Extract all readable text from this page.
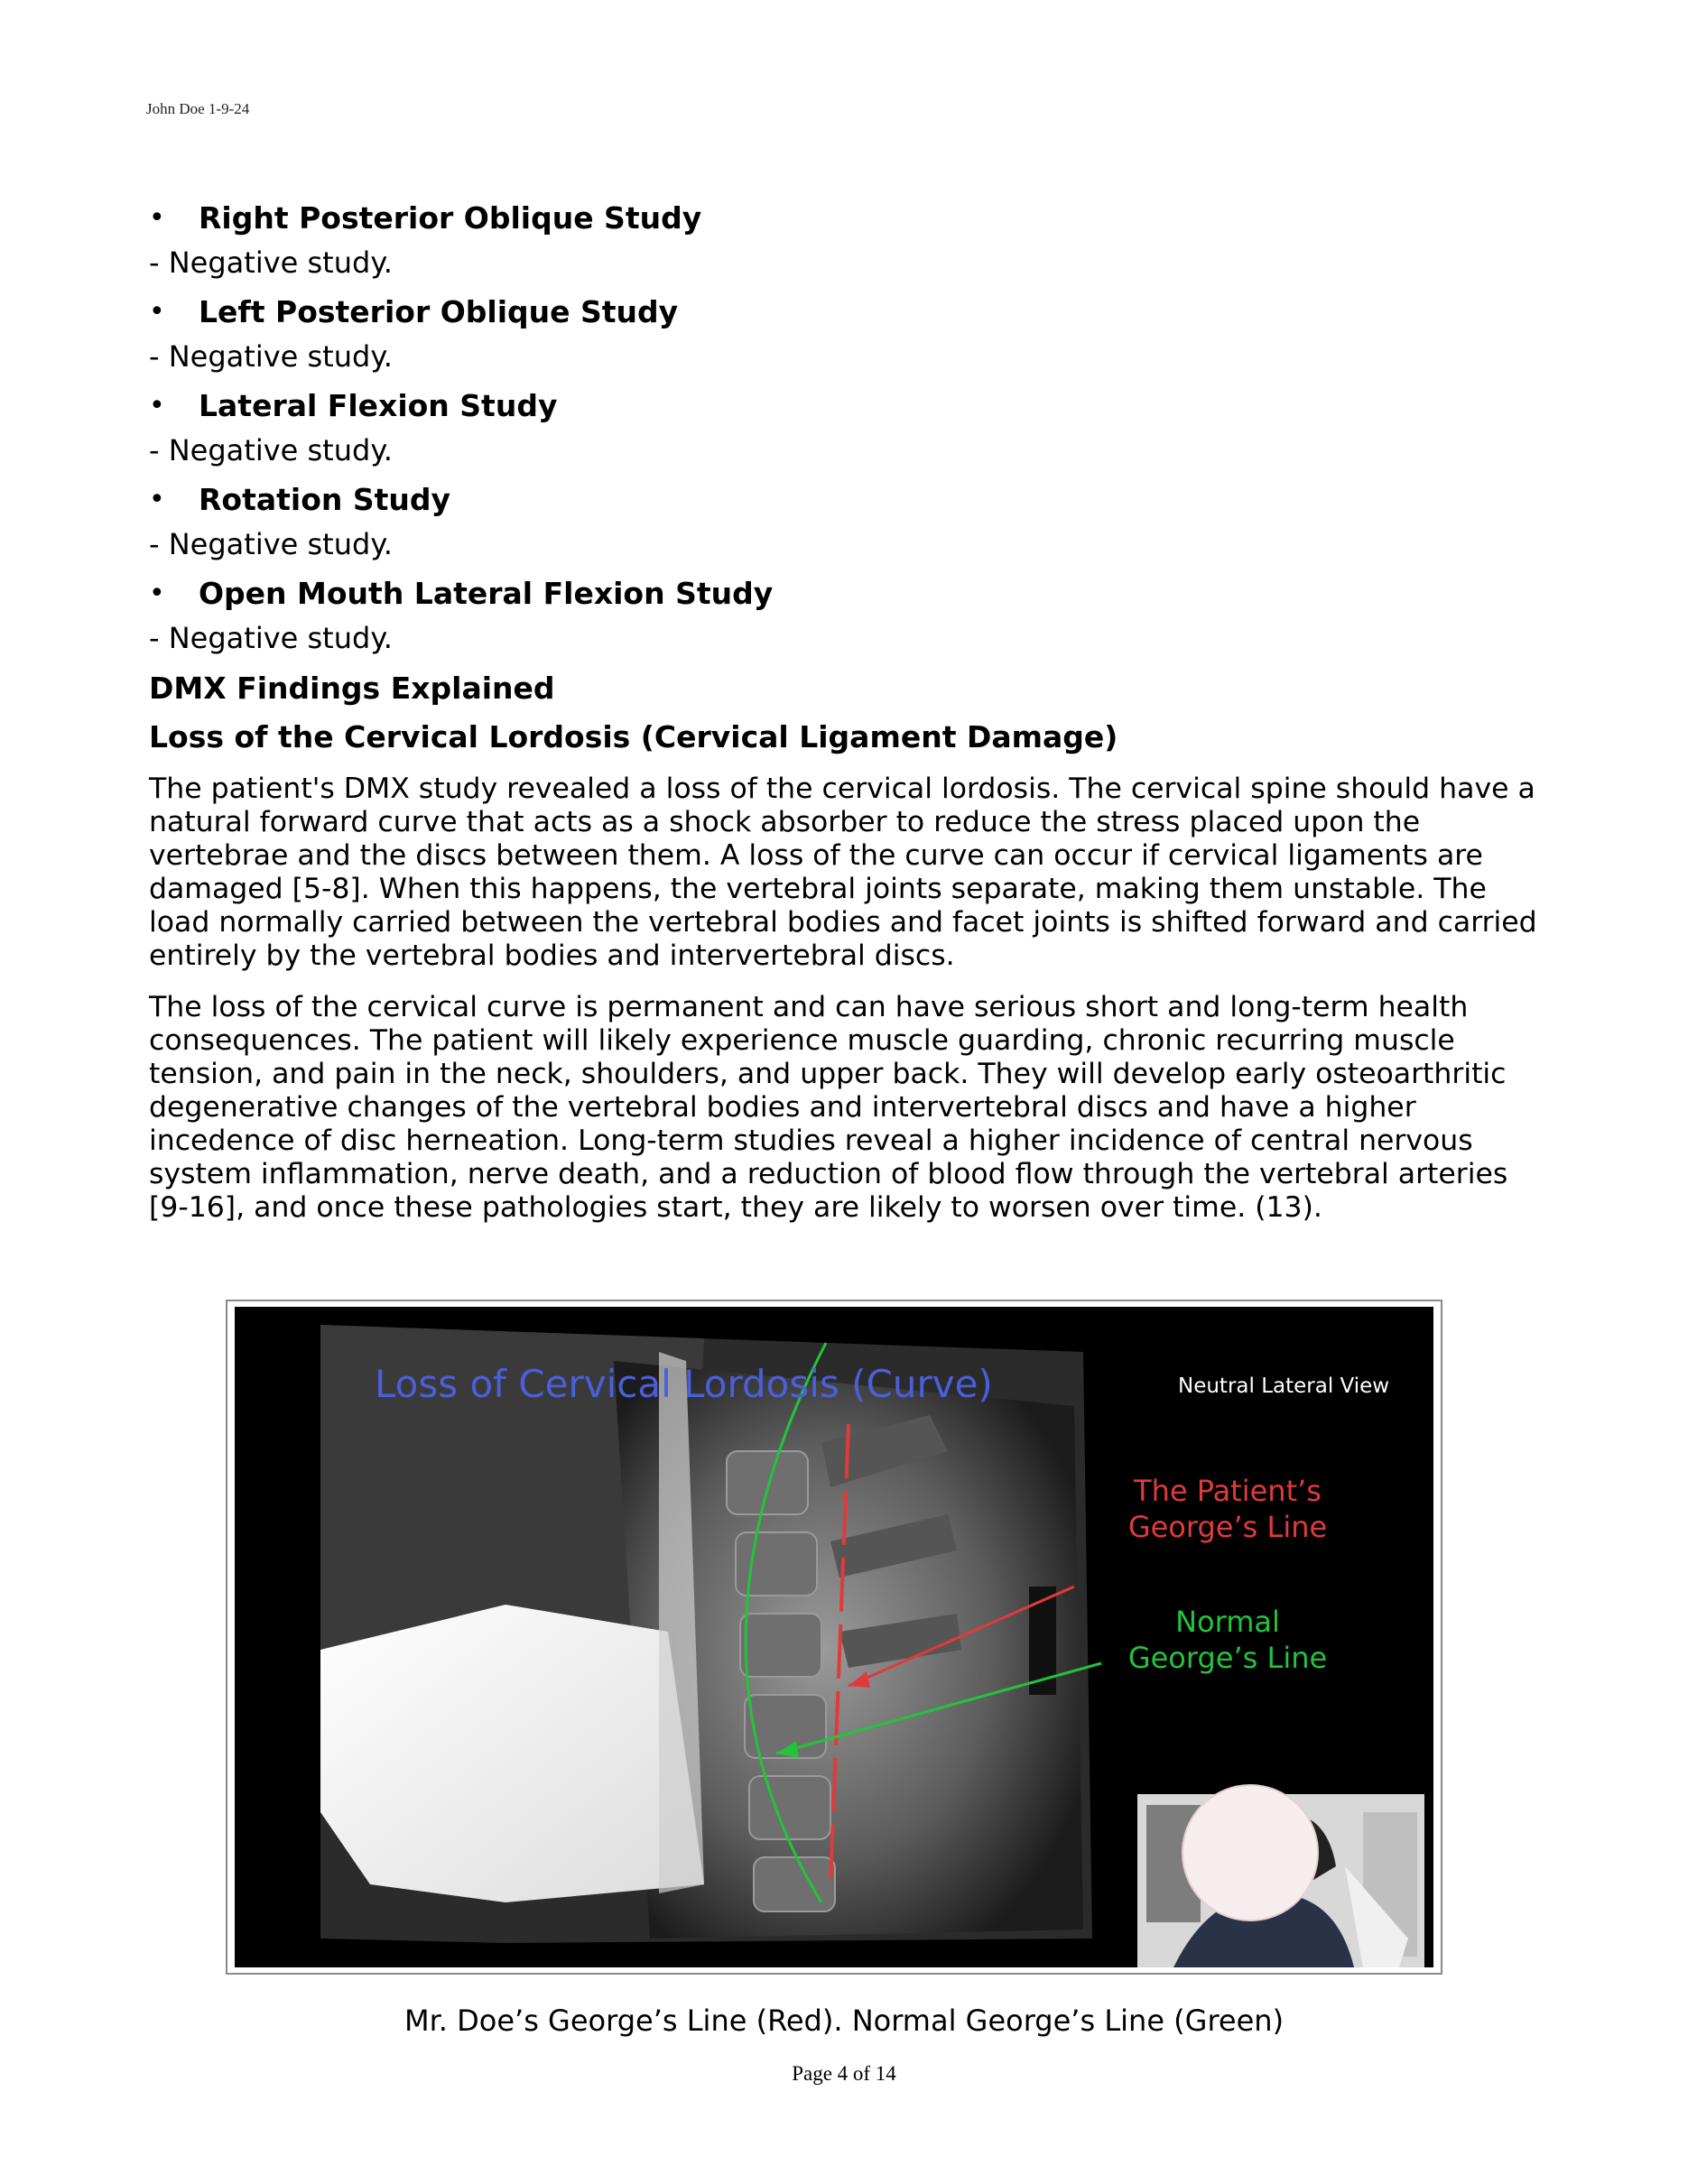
John Doe 1-9-24
• Right Posterior Oblique Study
- Negative study.
• Left Posterior Oblique Study
- Negative study.
• Lateral Flexion Study
- Negative study.
• Rotation Study
- Negative study.
• Open Mouth Lateral Flexion Study
- Negative study.
DMX Findings Explained
Loss of the Cervical Lordosis (Cervical Ligament Damage)

The patient's DMX study revealed a loss of the cervical lordosis. The cervical spine should have a natural forward curve that acts as a shock absorber to reduce the stress placed upon the vertebrae and the discs between them. A loss of the curve can occur if cervical ligaments are damaged [5-8]. When this happens, the vertebral joints separate, making them unstable. The load normally carried between the vertebral bodies and facet joints is shifted forward and carried entirely by the vertebral bodies and intervertebral discs.

The loss of the cervical curve is permanent and can have serious short and long-term health consequences. The patient will likely experience muscle guarding, chronic recurring muscle tension, and pain in the neck, shoulders, and upper back. They will develop early osteoarthritic degenerative changes of the vertebral bodies and intervertebral discs and have a higher incedence of disc herneation. Long-term studies reveal a higher incidence of central nervous system inflammation, nerve death, and a reduction of blood flow through the vertebral arteries [9-16], and once these pathologies start, they are likely to worsen over time. (13).

Loss of Cervical Lordosis (Curve)	Neutral Lateral View
The Patient’s
George’s Line
Normal
George’s Line
Mr. Doe’s George’s Line (Red). Normal George’s Line (Green)
Page 4 of 14
